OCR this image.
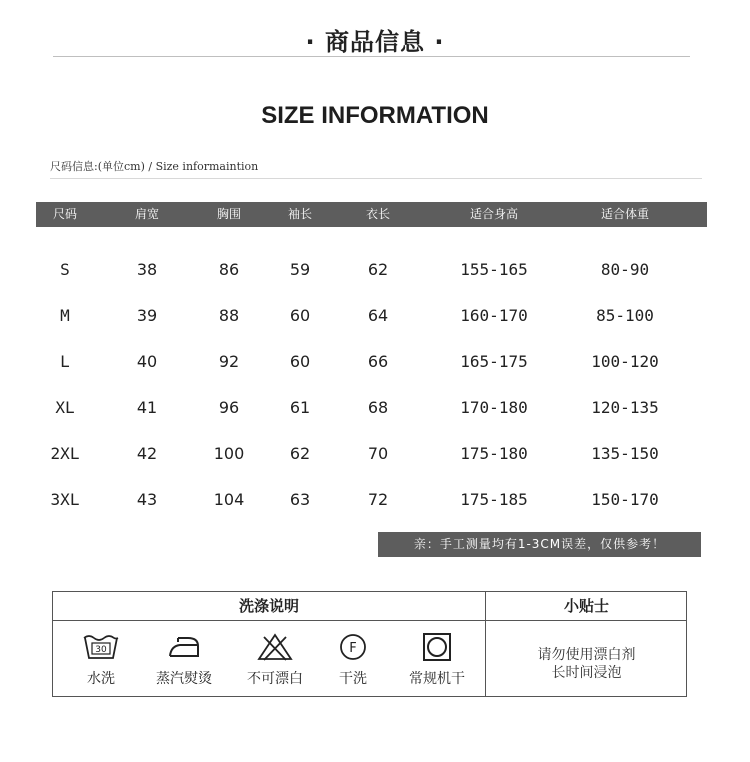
· 商品信息 ·
SIZE INFORMATION
尺码信息:(单位cm) / Size informaintion
尺码	肩宽	胸围	袖长	衣长	适合身高	适合体重
S	38	86	59	62	155-165	80-90
M	39	88	60	64	160-170	85-100
L	40	92	60	66	165-175	100-120
XL	41	96	61	68	170-180	120-135
2XL	42	100	62	70	175-180	135-150
3XL	43	104	63	72	175-185	150-170
亲：手工测量均有1-3CM误差，仅供参考！
洗涤说明	小贴士
30
水洗	蒸汽熨烫	不可漂白
F
干洗	常规机干
请勿使用漂白剂
长时间浸泡
